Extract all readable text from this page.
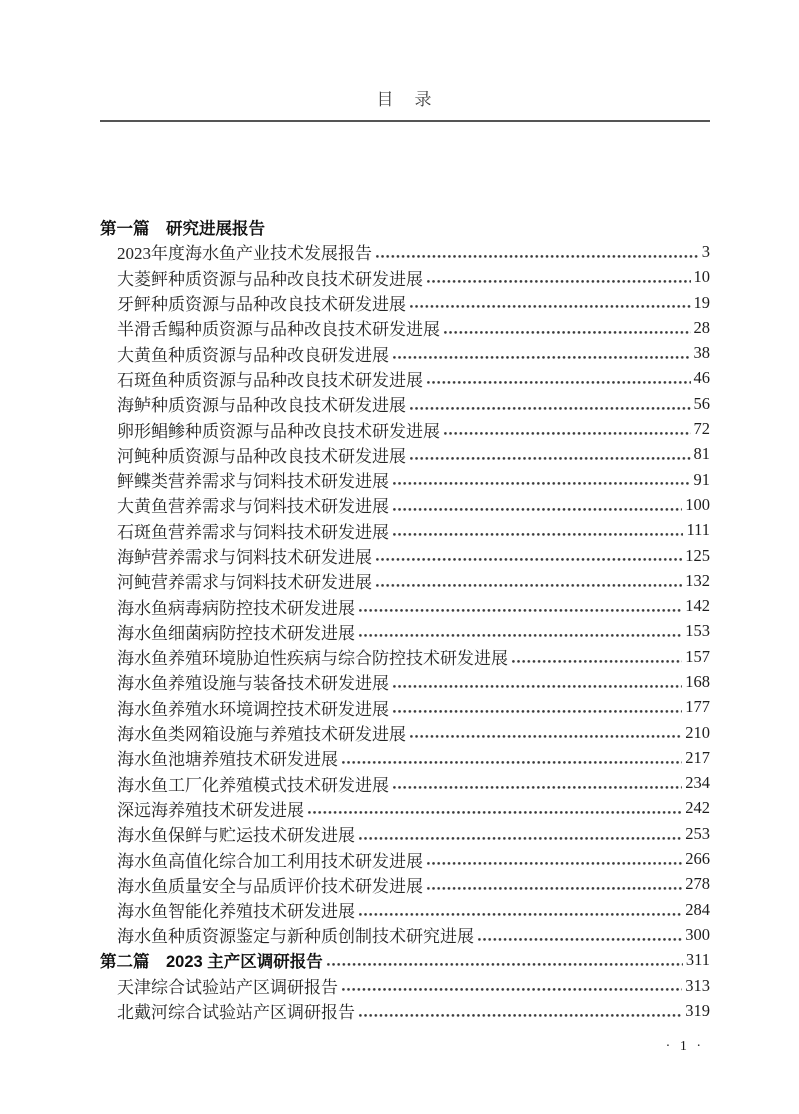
目　录
第一篇　研究进展报告
2023年度海水鱼产业技术发展报告	3
大菱鲆种质资源与品种改良技术研发进展	10
牙鲆种质资源与品种改良技术研发进展	19
半滑舌鳎种质资源与品种改良技术研发进展	28
大黄鱼种质资源与品种改良研发进展	38
石斑鱼种质资源与品种改良技术研发进展	46
海鲈种质资源与品种改良技术研发进展	56
卵形鲳鲹种质资源与品种改良技术研发进展	72
河鲀种质资源与品种改良技术研发进展	81
鲆鲽类营养需求与饲料技术研发进展	91
大黄鱼营养需求与饲料技术研发进展	100
石斑鱼营养需求与饲料技术研发进展	111
海鲈营养需求与饲料技术研发进展	125
河鲀营养需求与饲料技术研发进展	132
海水鱼病毒病防控技术研发进展	142
海水鱼细菌病防控技术研发进展	153
海水鱼养殖环境胁迫性疾病与综合防控技术研发进展	157
海水鱼养殖设施与装备技术研发进展	168
海水鱼养殖水环境调控技术研发进展	177
海水鱼类网箱设施与养殖技术研发进展	210
海水鱼池塘养殖技术研发进展	217
海水鱼工厂化养殖模式技术研发进展	234
深远海养殖技术研发进展	242
海水鱼保鲜与贮运技术研发进展	253
海水鱼高值化综合加工利用技术研发进展	266
海水鱼质量安全与品质评价技术研发进展	278
海水鱼智能化养殖技术研发进展	284
海水鱼种质资源鉴定与新种质创制技术研究进展	300
第二篇　2023 主产区调研报告	311
天津综合试验站产区调研报告	313
北戴河综合试验站产区调研报告	319
· 1 ·
